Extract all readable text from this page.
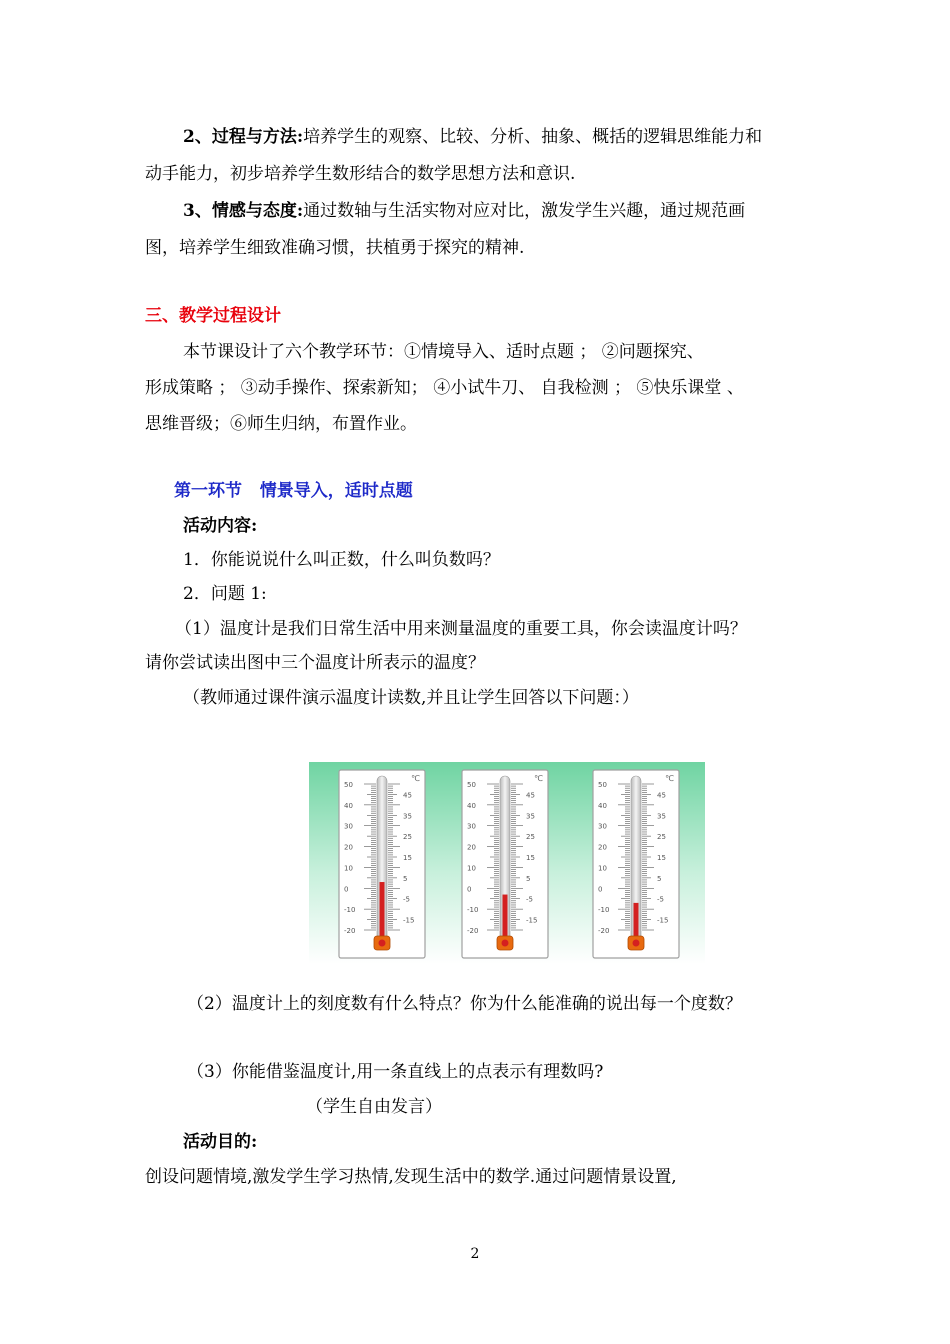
2、过程与方法:培养学生的观察、比较、分析、抽象、概括的逻辑思维能力和
动手能力，初步培养学生数形结合的数学思想方法和意识.
3、情感与态度:通过数轴与生活实物对应对比，激发学生兴趣，通过规范画
图，培养学生细致准确习惯，扶植勇于探究的精神.
三、教学过程设计
本节课设计了六个教学环节：①情境导入、适时点题 ； ②问题探究、
形成策略 ； ③动手操作、探索新知； ④小试牛刀、 自我检测 ； ⑤快乐课堂 、
思维晋级；⑥师生归纳，布置作业。
第一环节   情景导入，适时点题
活动内容:
1．你能说说什么叫正数，什么叫负数吗？
2．问题 1:
（1）温度计是我们日常生活中用来测量温度的重要工具，你会读温度计吗？
请你尝试读出图中三个温度计所表示的温度？
（教师通过课件演示温度计读数,并且让学生回答以下问题：）
℃
50
40
30
20
10
0
-10
-20
45
35
25
15
5
-5
-15
℃
50
40
30
20
10
0
-10
-20
45
35
25
15
5
-5
-15
℃
50
40
30
20
10
0
-10
-20
45
35
25
15
5
-5
-15
（2）温度计上的刻度数有什么特点？你为什么能准确的说出每一个度数？
（3）你能借鉴温度计,用一条直线上的点表示有理数吗?
（学生自由发言）
活动目的:
创设问题情境,激发学生学习热情,发现生活中的数学.通过问题情景设置,
2
